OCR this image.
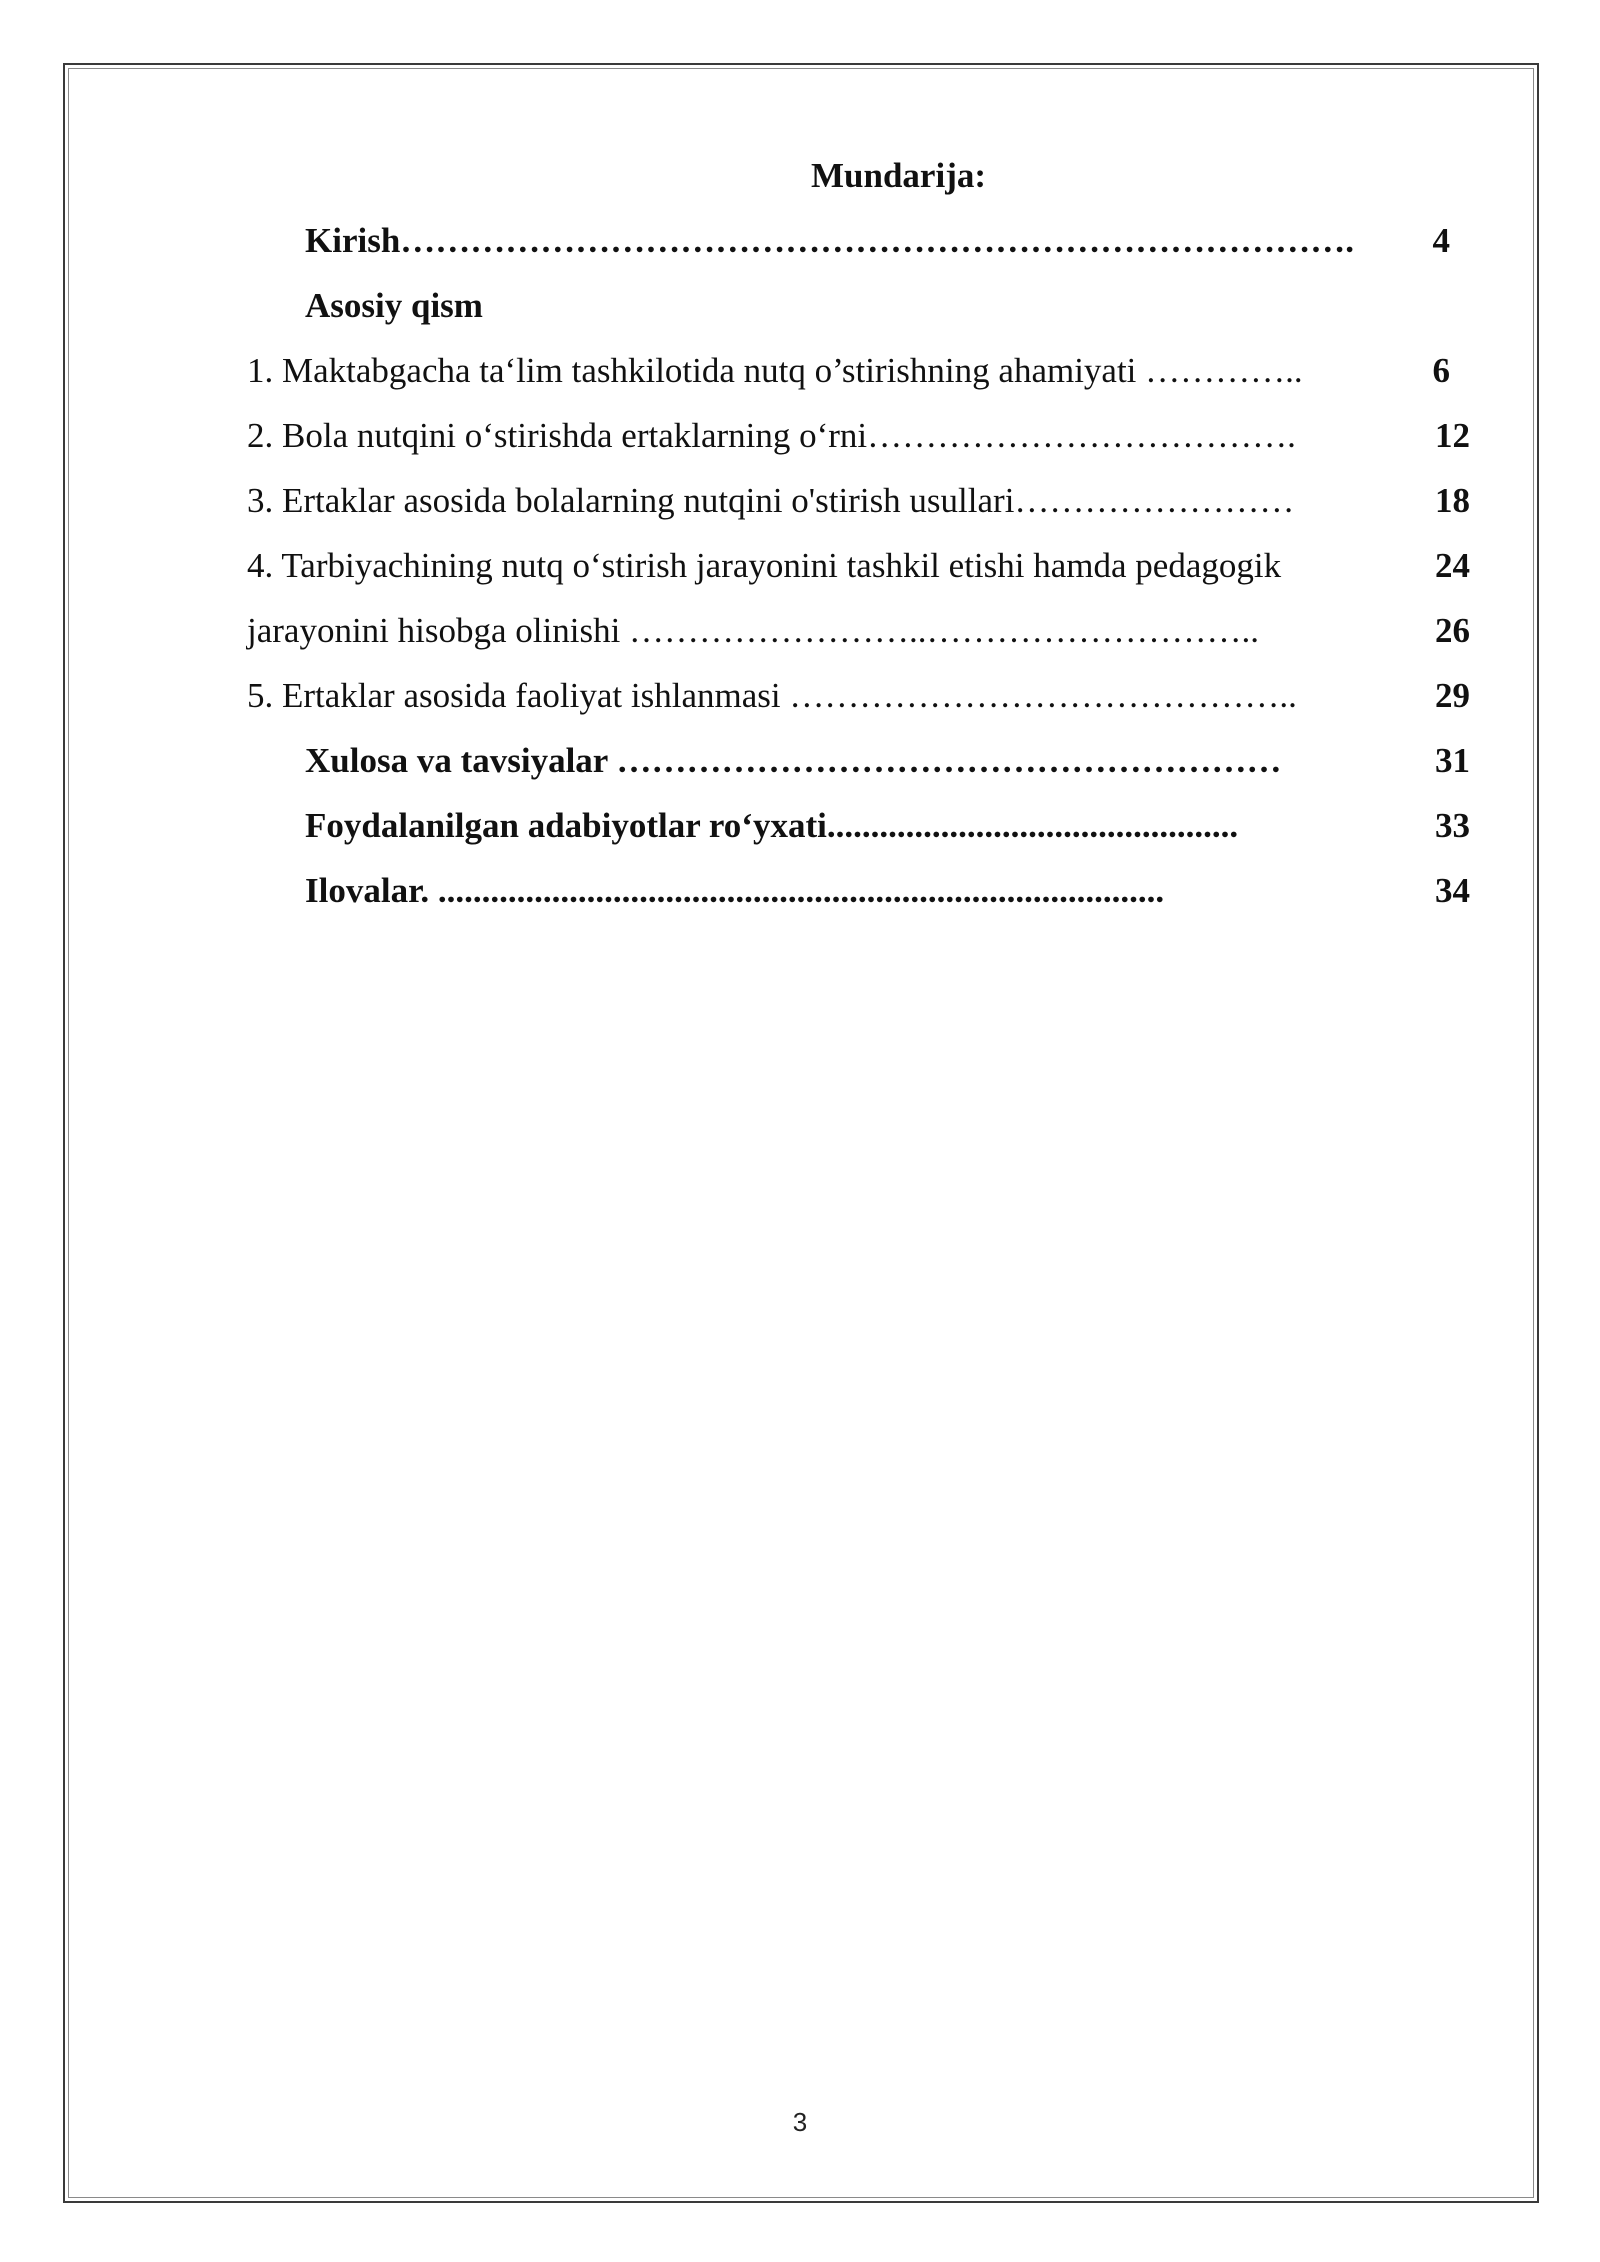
Mundarija:
Kirish……………………………………………………………………….	4
Asosiy qism
1. Maktabgacha ta‘lim tashkilotida nutq o’stirishning ahamiyati …………..	6
2. Bola nutqini o‘stirishda ertaklarning o‘rni……………………………….	12
3. Ertaklar asosida bolalarning nutqini o'stirish usullari……………………	18
4. Tarbiyachining nutq o‘stirish jarayonini tashkil etishi hamda pedagogik	24
jarayonini hisobga olinishi ……………………..………………………..	26
5. Ertaklar asosida faoliyat ishlanmasi ……………………………………..	29
Xulosa va tavsiyalar …………………………………………………	31
Foydalanilgan adabiyotlar ro‘yxati...............................................	33
Ilovalar. ...................................................................................	34
3
